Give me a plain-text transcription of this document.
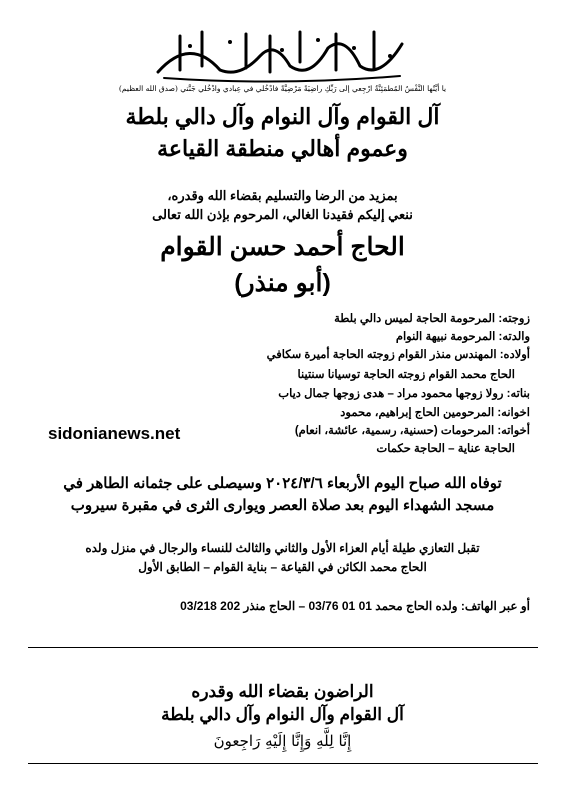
يا أيَّتُها النَّفْسُ المُطمَئِنَّةُ ارْجِعي إلى رَبِّكِ راضِيَةً مَرْضِيَّةً فادْخُلي في عِبادي وادْخُلي جَنَّتي (صدق الله العظيم)
آل القوام وآل النوام وآل دالي بلطة
وعموم أهالي منطقة القياعة
بمزيد من الرضا والتسليم بقضاء الله وقدره،
ننعي إليكم فقيدنا الغالي، المرحوم بإذن الله تعالى
الحاج أحمد حسن القوام
(أبو منذر)
زوجته: المرحومة الحاجة لميس دالي بلطة
والدته: المرحومة نبيهة النوام
أولاده: المهندس منذر القوام زوجته الحاجة أميرة سكافي
الحاج محمد القوام زوجته الحاجة توسيانا سنتينا
بناته: رولا زوجها محمود مراد – هدى زوجها جمال دياب
اخوانه: المرحومين الحاج إبراهيم، محمود
أخواته: المرحومات (حسنية، رسمية، عائشة، انعام)
الحاجة عناية – الحاجة حكمات
sidonianews.net
توفاه الله صباح اليوم الأربعاء ٢٠٢٤/٣/٦ وسيصلى على جثمانه الطاهر في
مسجد الشهداء اليوم بعد صلاة العصر ويوارى الثرى في مقبرة سيروب
تقبل التعازي طيلة أيام العزاء الأول والثاني والثالث للنساء والرجال في منزل ولده
الحاج محمد الكائن في القياعة – بناية القوام – الطابق الأول
أو عبر الهاتف: ولده الحاج محمد 01 01 03/76 – الحاج منذر 202 03/218
الراضون بقضاء الله وقدره
آل القوام وآل النوام وآل دالي بلطة
إِنَّا لِلَّهِ وَإِنَّا إِلَيْهِ رَاجِعونَ
